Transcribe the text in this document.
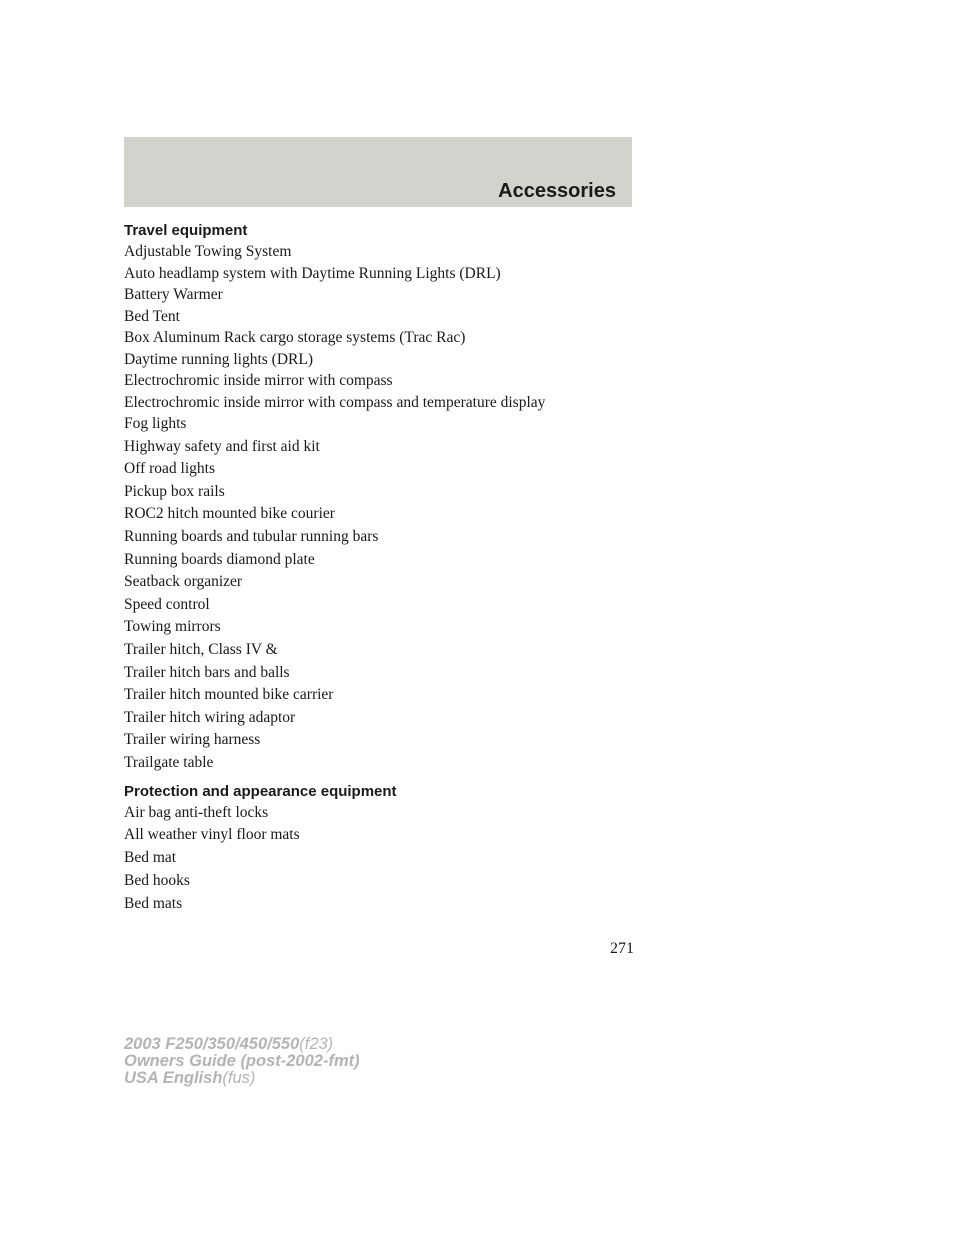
Accessories
Travel equipment
Adjustable Towing System
Auto headlamp system with Daytime Running Lights (DRL)
Battery Warmer
Bed Tent
Box Aluminum Rack cargo storage systems (Trac Rac)
Daytime running lights (DRL)
Electrochromic inside mirror with compass
Electrochromic inside mirror with compass and temperature display
Fog lights
Highway safety and first aid kit
Off road lights
Pickup box rails
ROC2 hitch mounted bike courier
Running boards and tubular running bars
Running boards diamond plate
Seatback organizer
Speed control
Towing mirrors
Trailer hitch, Class IV &
Trailer hitch bars and balls
Trailer hitch mounted bike carrier
Trailer hitch wiring adaptor
Trailer wiring harness
Trailgate table
Protection and appearance equipment
Air bag anti-theft locks
All weather vinyl floor mats
Bed mat
Bed hooks
Bed mats
271
2003 F250/350/450/550(f23)
Owners Guide (post-2002-fmt)
USA English(fus)
